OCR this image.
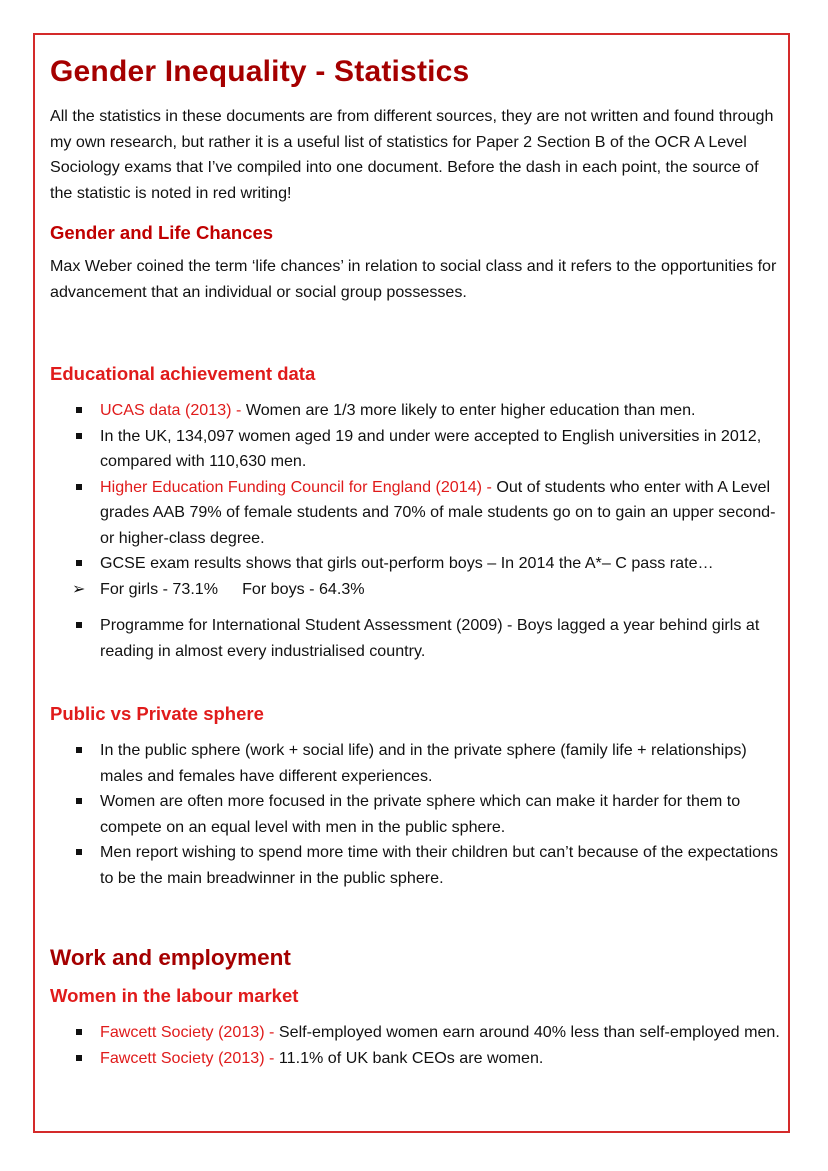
Gender Inequality - Statistics

All the statistics in these documents are from different sources, they are not written and found through my own research, but rather it is a useful list of statistics for Paper 2 Section B of the OCR A Level Sociology exams that I’ve compiled into one document. Before the dash in each point, the source of the statistic is noted in red writing!

Gender and Life Chances

Max Weber coined the term ‘life chances’ in relation to social class and it refers to the opportunities for advancement that an individual or social group possesses.

Educational achievement data
UCAS data (2013) - Women are 1/3 more likely to enter higher education than men.
In the UK, 134,097 women aged 19 and under were accepted to English universities in 2012, compared with 110,630 men.
Higher Education Funding Council for England (2014) - Out of students who enter with A Level grades AAB 79% of female students and 70% of male students go on to gain an upper second- or higher-class degree.
GCSE exam results shows that girls out-perform boys – In 2014 the A*– C pass rate…
➢ For girls - 73.1% For boys - 64.3%
Programme for International Student Assessment (2009) - Boys lagged a year behind girls at reading in almost every industrialised country.
Public vs Private sphere
In the public sphere (work + social life) and in the private sphere (family life + relationships) males and females have different experiences.
Women are often more focused in the private sphere which can make it harder for them to compete on an equal level with men in the public sphere.
Men report wishing to spend more time with their children but can’t because of the expectations to be the main breadwinner in the public sphere.
Work and employment
Women in the labour market
Fawcett Society (2013) - Self-employed women earn around 40% less than self-employed men.
Fawcett Society (2013) - 11.1% of UK bank CEOs are women.
